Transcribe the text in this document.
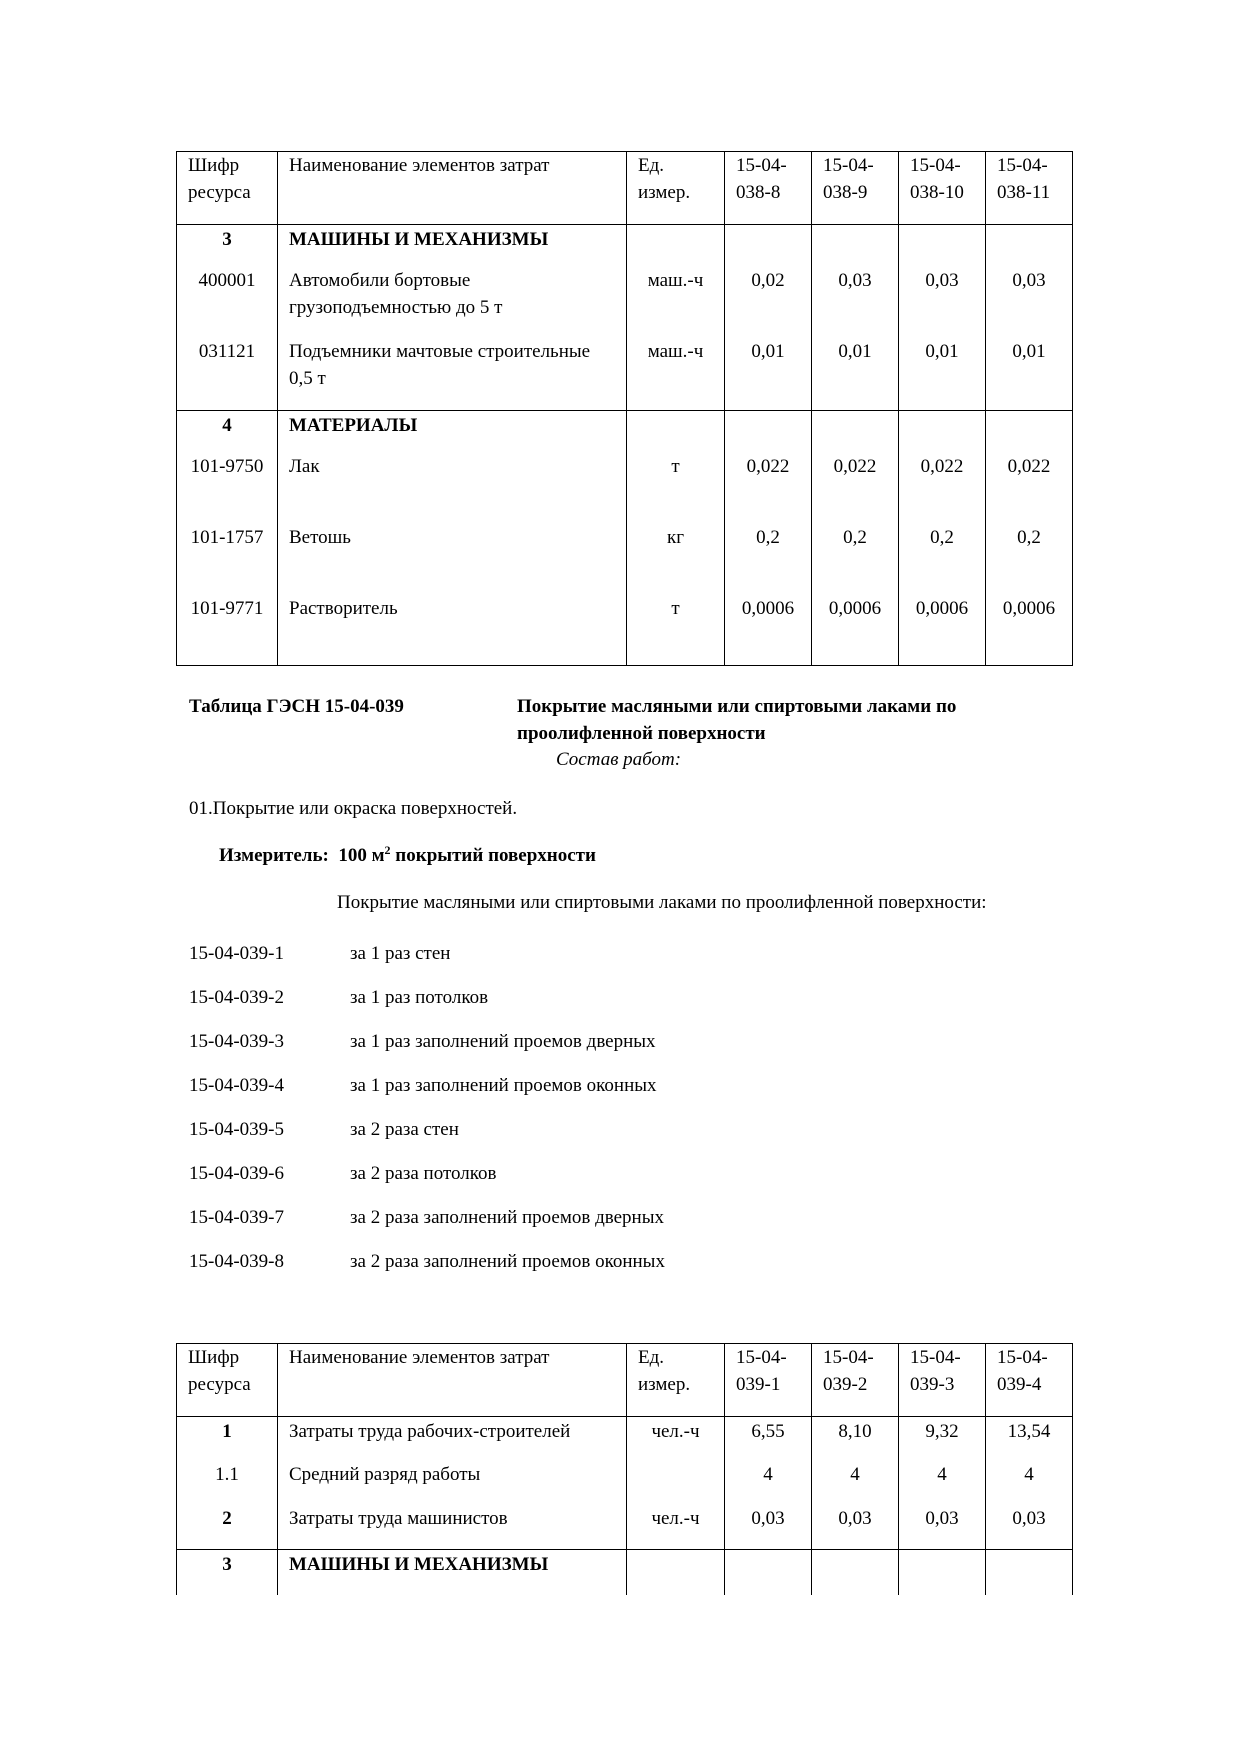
Шифр ресурса	Наименование элементов затрат	Ед. измер.	15-04-038-8	15-04-038-9	15-04-038-10	15-04-038-11
3	МАШИНЫ И МЕХАНИЗМЫ					
400001	Автомобили бортовые грузоподъемностью до 5 т	маш.-ч	0,02	0,03	0,03	0,03
031121	Подъемники мачтовые строительные 0,5 т	маш.-ч	0,01	0,01	0,01	0,01
4	МАТЕРИАЛЫ					
101-9750	Лак	т	0,022	0,022	0,022	0,022
101-1757	Ветошь	кг	0,2	0,2	0,2	0,2
101-9771	Растворитель	т	0,0006	0,0006	0,0006	0,0006
Таблица ГЭСН 15-04-039	Покрытие масляными или спиртовыми лаками по
проолифленной поверхности
Состав работ:
01.Покрытие или окраска поверхностей.
Измеритель: 100 $м^2$ покрытий поверхности
Покрытие масляными или спиртовыми лаками по проолифленной поверхности:
15-04-039-1	за 1 раз стен
15-04-039-2	за 1 раз потолков
15-04-039-3	за 1 раз заполнений проемов дверных
15-04-039-4	за 1 раз заполнений проемов оконных
15-04-039-5	за 2 раза стен
15-04-039-6	за 2 раза потолков
15-04-039-7	за 2 раза заполнений проемов дверных
15-04-039-8	за 2 раза заполнений проемов оконных
Шифр ресурса	Наименование элементов затрат	Ед. измер.	15-04-039-1	15-04-039-2	15-04-039-3	15-04-039-4
1	Затраты труда рабочих-строителей	чел.-ч	6,55	8,10	9,32	13,54
1.1	Средний разряд работы		4	4	4	4
2	Затраты труда машинистов	чел.-ч	0,03	0,03	0,03	0,03
3	МАШИНЫ И МЕХАНИЗМЫ					
